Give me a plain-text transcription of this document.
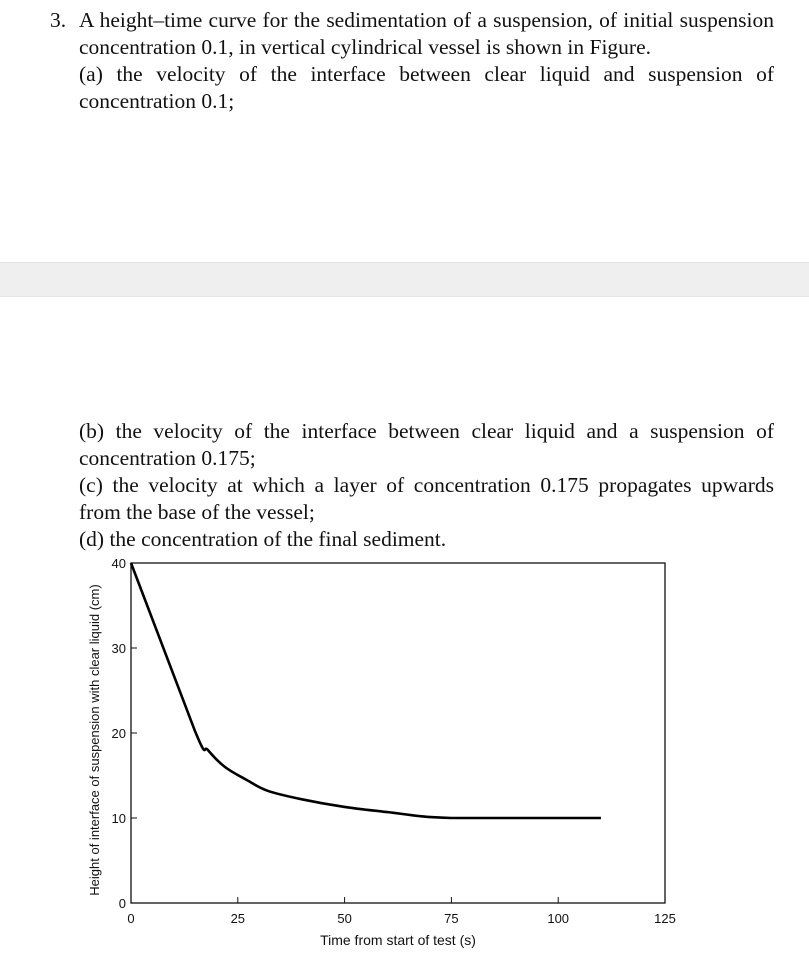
3. A height–time curve for the sedimentation of a suspension, of initial suspension concentration 0.1, in vertical cylindrical vessel is shown in Figure.
(a) the velocity of the interface between clear liquid and suspension of concentration 0.1;
(b) the velocity of the interface between clear liquid and a suspension of concentration 0.175;
(c) the velocity at which a layer of concentration 0.175 propagates upwards from the base of the vessel;
(d) the concentration of the final sediment.
0	25	50	75	100	125
0
10
20
30
40
Time from start of test (s)
Height of interface of suspension with clear liquid (cm)
